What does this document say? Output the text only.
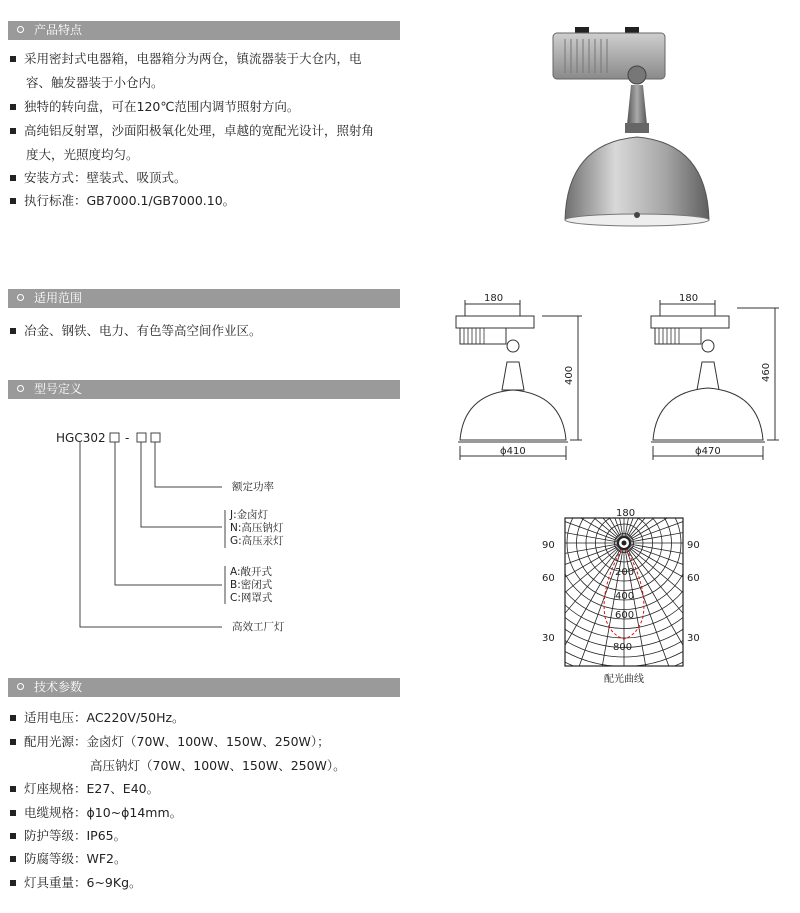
产品特点
采用密封式电器箱，电器箱分为两仓，镇流器装于大仓内，电
容、触发器装于小仓内。
独特的转向盘，可在120℃范围内调节照射方向。
高纯铝反射罩，沙面阳极氧化处理，卓越的宽配光设计，照射角
度大，光照度均匀。
安装方式：壁装式、吸顶式。
执行标准：GB7000.1/GB7000.10。
适用范围
冶金、钢铁、电力、有色等高空间作业区。
型号定义
HGC302 -
额定功率
J:金卤灯
N:高压钠灯
G:高压汞灯
A:敞开式
B:密闭式
C:网罩式
高效工厂灯
180
400
ϕ410
180
460
ϕ470
180
90	90
60	60
30	30
200
400
600
800
配光曲线
技术参数
适用电压：AC220V/50Hz。
配用光源：金卤灯（70W、100W、150W、250W）；
高压钠灯（70W、100W、150W、250W）。
灯座规格：E27、E40。
电缆规格：ϕ10~ϕ14mm。
防护等级：IP65。
防腐等级：WF2。
灯具重量：6~9Kg。
